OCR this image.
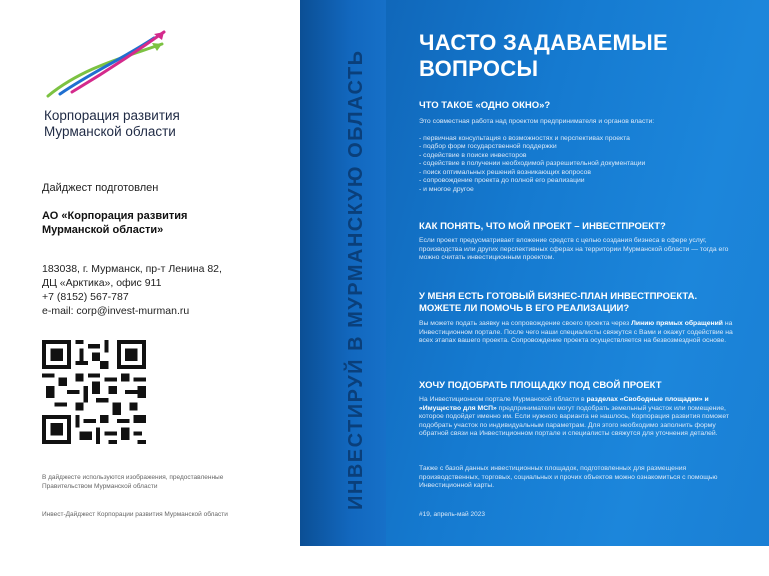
Корпорация развития
Мурманской области
Дайджест подготовлен
АО «Корпорация развития Мурманской области»
183038, г. Мурманск, пр-т Ленина 82,
ДЦ «Арктика», офис 911
+7 (8152) 567-787
e-mail: corp@invest-murman.ru
В дайджесте используются изображения, предоставленные Правительством Мурманской области
Инвест-Дайджест Корпорации развития Мурманской области
ИНВЕСТИРУЙ В МУРМАНСКУЮ ОБЛАСТЬ
ЧАСТО ЗАДАВАЕМЫЕ
ВОПРОСЫ
ЧТО ТАКОЕ «ОДНО ОКНО»?

Это совместная работа над проектом предпринимателя и органов власти:

- первичная консультация о возможностях и перспективах проекта

- подбор форм государственной поддержки

- содействие в поиске инвесторов

- содействие в получении необходимой разрешительной документации

- поиск оптимальных решений возникающих вопросов

- сопровождение проекта до полной его реализации

- и многое другое

КАК ПОНЯТЬ, ЧТО МОЙ ПРОЕКТ – ИНВЕСТПРОЕКТ?
Если проект предусматривает вложение средств с целью создания бизнеса в сфере услуг, производства или других перспективных сферах на территории Мурманской области — тогда его можно считать инвестиционным проектом.
У МЕНЯ ЕСТЬ ГОТОВЫЙ БИЗНЕС-ПЛАН ИНВЕСТПРОЕКТА.
МОЖЕТЕ ЛИ ПОМОЧЬ В ЕГО РЕАЛИЗАЦИИ?
Вы можете подать заявку на сопровождение своего проекта через Линию прямых обращений на Инвестиционном портале. После чего наши специалисты свяжутся с Вами и окажут содействие на всех этапах вашего проекта. Сопровождение проекта осуществляется на безвозмездной основе.
ХОЧУ ПОДОБРАТЬ ПЛОЩАДКУ ПОД СВОЙ ПРОЕКТ
На Инвестиционном портале Мурманской области в разделах «Свободные площадки» и «Имущество для МСП» предприниматели могут подобрать земельный участок или помещение, которое подойдет именно им. Если нужного варианта не нашлось, Корпорация развития поможет подобрать участок по индивидуальным параметрам. Для этого необходимо заполнить форму обратной связи на Инвестиционном портале и специалисты свяжутся для уточнения деталей.
Также с базой данных инвестиционных площадок, подготовленных для размещения производственных, торговых, социальных и прочих объектов можно ознакомиться с помощью Инвестиционной карты.
#19, апрель-май 2023
